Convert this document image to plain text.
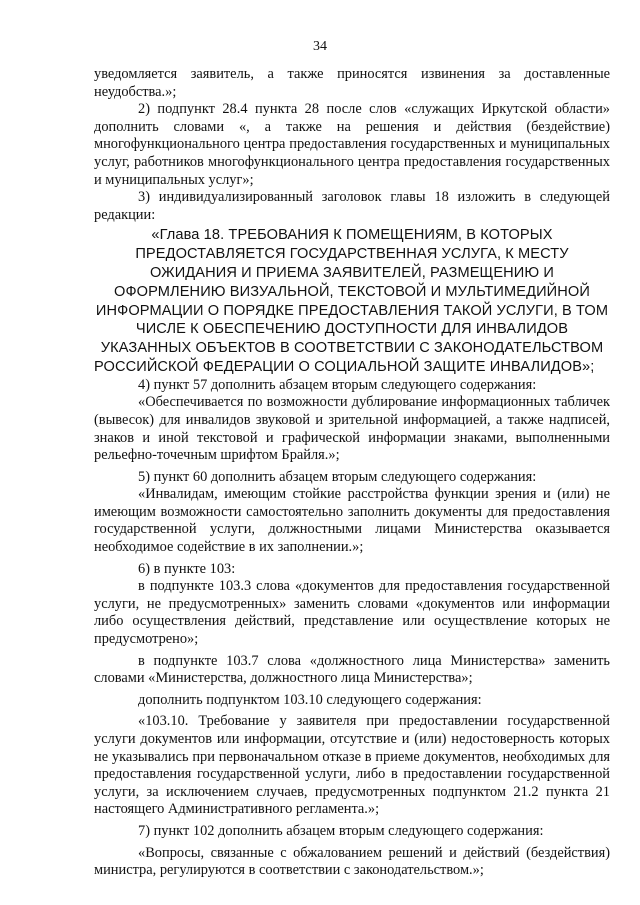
34

уведомляется заявитель, а также приносятся извинения за доставленные неудобства.»;

2) подпункт 28.4 пункта 28 после слов «служащих Иркутской области» дополнить словами «, а также на решения и действия (бездействие) многофункционального центра предоставления государственных и муниципальных услуг, работников многофункционального центра предоставления государственных и муниципальных услуг»;

3) индивидуализированный заголовок главы 18 изложить в следующей редакции:

«Глава 18. ТРЕБОВАНИЯ К ПОМЕЩЕНИЯМ, В КОТОРЫХ ПРЕДОСТАВЛЯЕТСЯ ГОСУДАРСТВЕННАЯ УСЛУГА, К МЕСТУ ОЖИДАНИЯ И ПРИЕМА ЗАЯВИТЕЛЕЙ, РАЗМЕЩЕНИЮ И ОФОРМЛЕНИЮ ВИЗУАЛЬНОЙ, ТЕКСТОВОЙ И МУЛЬТИМЕДИЙНОЙ ИНФОРМАЦИИ О ПОРЯДКЕ ПРЕДОСТАВЛЕНИЯ ТАКОЙ УСЛУГИ, В ТОМ ЧИСЛЕ К ОБЕСПЕЧЕНИЮ ДОСТУПНОСТИ ДЛЯ ИНВАЛИДОВ УКАЗАННЫХ ОБЪЕКТОВ В СООТВЕТСТВИИ С ЗАКОНОДАТЕЛЬСТВОМ РОССИЙСКОЙ ФЕДЕРАЦИИ О СОЦИАЛЬНОЙ ЗАЩИТЕ ИНВАЛИДОВ»;

4) пункт 57 дополнить абзацем вторым следующего содержания:

«Обеспечивается по возможности дублирование информационных табличек (вывесок) для инвалидов звуковой и зрительной информацией, а также надписей, знаков и иной текстовой и графической информации знаками, выполненными рельефно-точечным шрифтом Брайля.»;

5) пункт 60 дополнить абзацем вторым следующего содержания:

«Инвалидам, имеющим стойкие расстройства функции зрения и (или) не имеющим возможности самостоятельно заполнить документы для предоставления государственной услуги, должностными лицами Министерства оказывается необходимое содействие в их заполнении.»;

6) в пункте 103:

в подпункте 103.3 слова «документов для предоставления государственной услуги, не предусмотренных» заменить словами «документов или информации либо осуществления действий, представление или осуществление которых не предусмотрено»;

в подпункте 103.7 слова «должностного лица Министерства» заменить словами «Министерства, должностного лица Министерства»;

дополнить подпунктом 103.10 следующего содержания:

«103.10. Требование у заявителя при предоставлении государственной услуги документов или информации, отсутствие и (или) недостоверность которых не указывались при первоначальном отказе в приеме документов, необходимых для предоставления государственной услуги, либо в предоставлении государственной услуги, за исключением случаев, предусмотренных подпунктом 21.2 пункта 21 настоящего Административного регламента.»;

7) пункт 102 дополнить абзацем вторым следующего содержания:

«Вопросы, связанные с обжалованием решений и действий (бездействия) министра, регулируются в соответствии с законодательством.»;
